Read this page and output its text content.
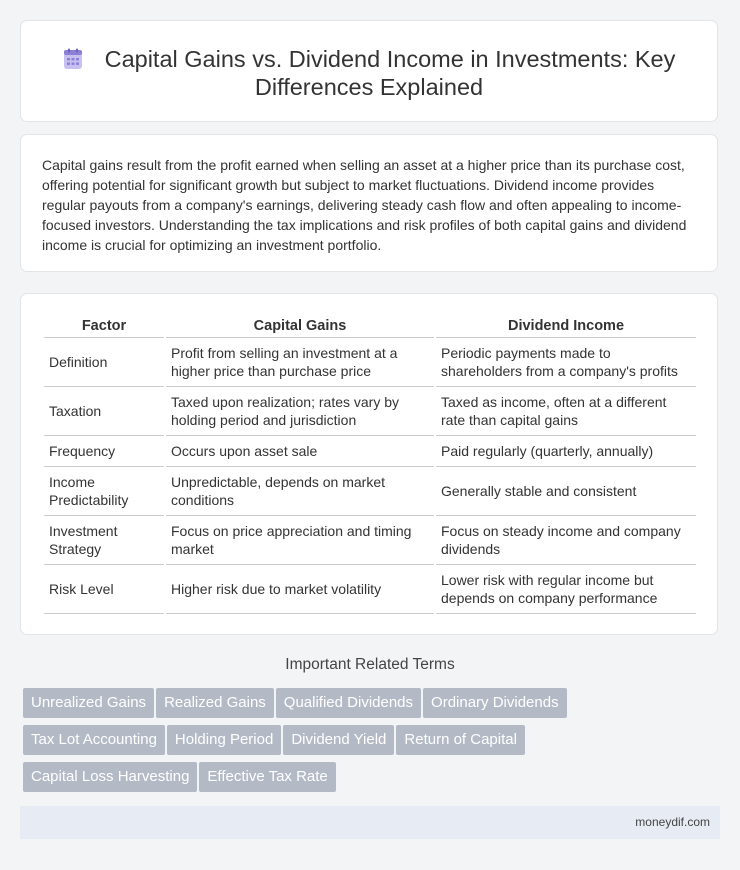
Capital Gains vs. Dividend Income in Investments: Key Differences Explained

Capital gains result from the profit earned when selling an asset at a higher price than its purchase cost, offering potential for significant growth but subject to market fluctuations. Dividend income provides regular payouts from a company's earnings, delivering steady cash flow and often appealing to income-focused investors. Understanding the tax implications and risk profiles of both capital gains and dividend income is crucial for optimizing an investment portfolio.

Factor	Capital Gains	Dividend Income
Definition	Profit from selling an investment at a higher price than purchase price	Periodic payments made to shareholders from a company's profits
Taxation	Taxed upon realization; rates vary by holding period and jurisdiction	Taxed as income, often at a different rate than capital gains
Frequency	Occurs upon asset sale	Paid regularly (quarterly, annually)
Income Predictability	Unpredictable, depends on market conditions	Generally stable and consistent
Investment Strategy	Focus on price appreciation and timing market	Focus on steady income and company dividends
Risk Level	Higher risk due to market volatility	Lower risk with regular income but depends on company performance
Important Related Terms
Unrealized Gains Realized Gains Qualified Dividends Ordinary Dividends
Tax Lot Accounting Holding Period Dividend Yield Return of Capital
Capital Loss Harvesting Effective Tax Rate
moneydif.com
